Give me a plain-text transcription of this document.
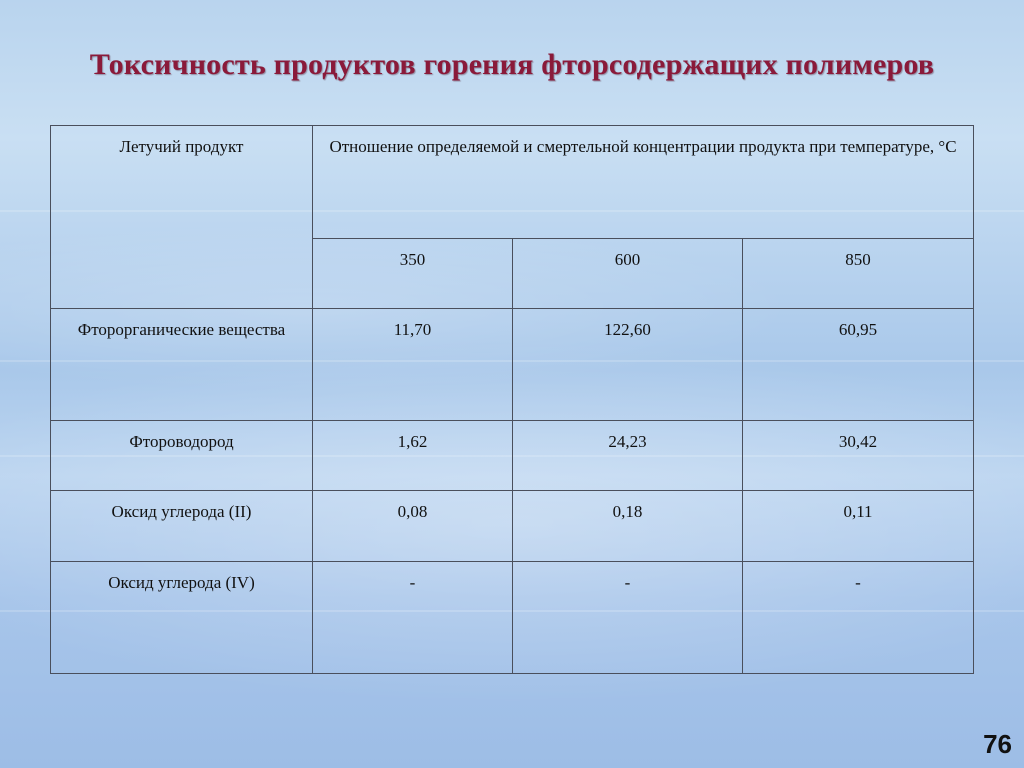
Токсичность продуктов горения фторсодержащих полимеров
Летучий продукт	Отношение определяемой и смертельной концентрации продукта при температуре, °С		
	350	600	850
Фторорганические вещества	11,70	122,60	60,95
Фтороводород	1,62	24,23	30,42
Оксид углерода (II)	0,08	0,18	0,11
Оксид углерода (IV)	-	-	-
76
